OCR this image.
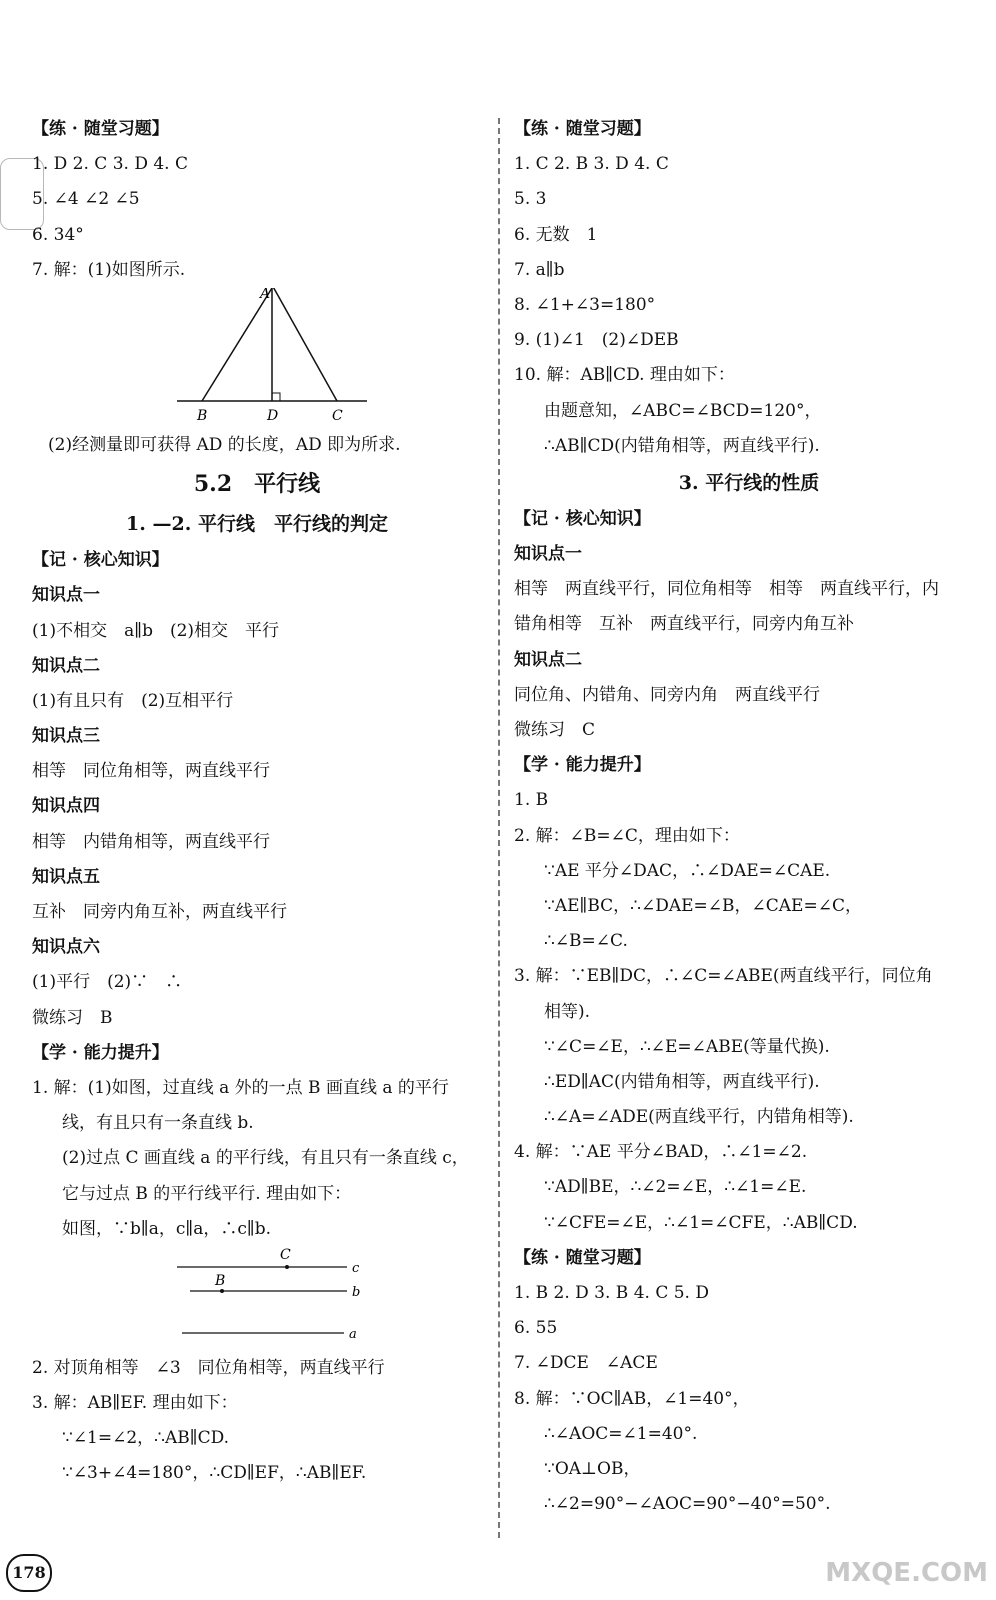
【练 · 随堂习题】
1. D 2. C 3. D 4. C
5. ∠4 ∠2 ∠5
6. 34°
7. 解：(1)如图所示.
A
B	D	C
(2)经测量即可获得 AD 的长度，AD 即为所求.
5.2　平行线
1. —2. 平行线　平行线的判定
【记 · 核心知识】
知识点一
(1)不相交　a∥b　(2)相交　平行
知识点二
(1)有且只有　(2)互相平行
知识点三
相等　同位角相等，两直线平行
知识点四
相等　内错角相等，两直线平行
知识点五
互补　同旁内角互补，两直线平行
知识点六
(1)平行　(2)∵　∴
微练习　B
【学 · 能力提升】
1. 解：(1)如图，过直线 a 外的一点 B 画直线 a 的平行
线，有且只有一条直线 b.
(2)过点 C 画直线 a 的平行线，有且只有一条直线 c，
它与过点 B 的平行线平行. 理由如下：
如图，∵b∥a，c∥a，∴c∥b.
C
B
c
b
a
2. 对顶角相等　∠3　同位角相等，两直线平行
3. 解：AB∥EF. 理由如下：
∵∠1=∠2，∴AB∥CD.
∵∠3+∠4=180°，∴CD∥EF，∴AB∥EF.
【练 · 随堂习题】
1. C 2. B 3. D 4. C
5. 3
6. 无数　1
7. a∥b
8. ∠1+∠3=180°
9. (1)∠1　(2)∠DEB
10. 解：AB∥CD. 理由如下：
由题意知，∠ABC=∠BCD=120°，
∴AB∥CD(内错角相等，两直线平行).
3. 平行线的性质
【记 · 核心知识】
知识点一
相等　两直线平行，同位角相等　相等　两直线平行，内
错角相等　互补　两直线平行，同旁内角互补
知识点二
同位角、内错角、同旁内角　两直线平行
微练习　C
【学 · 能力提升】
1. B
2. 解：∠B=∠C，理由如下：
∵AE 平分∠DAC，∴∠DAE=∠CAE.
∵AE∥BC，∴∠DAE=∠B，∠CAE=∠C，
∴∠B=∠C.
3. 解：∵EB∥DC，∴∠C=∠ABE(两直线平行，同位角
相等).
∵∠C=∠E，∴∠E=∠ABE(等量代换).
∴ED∥AC(内错角相等，两直线平行).
∴∠A=∠ADE(两直线平行，内错角相等).
4. 解：∵AE 平分∠BAD，∴∠1=∠2.
∵AD∥BE，∴∠2=∠E，∴∠1=∠E.
∵∠CFE=∠E，∴∠1=∠CFE，∴AB∥CD.
【练 · 随堂习题】
1. B 2. D 3. B 4. C 5. D
6. 55
7. ∠DCE　∠ACE
8. 解：∵OC∥AB，∠1=40°，
∴∠AOC=∠1=40°.
∵OA⊥OB，
∴∠2=90°−∠AOC=90°−40°=50°.
178	MXQE.COM
